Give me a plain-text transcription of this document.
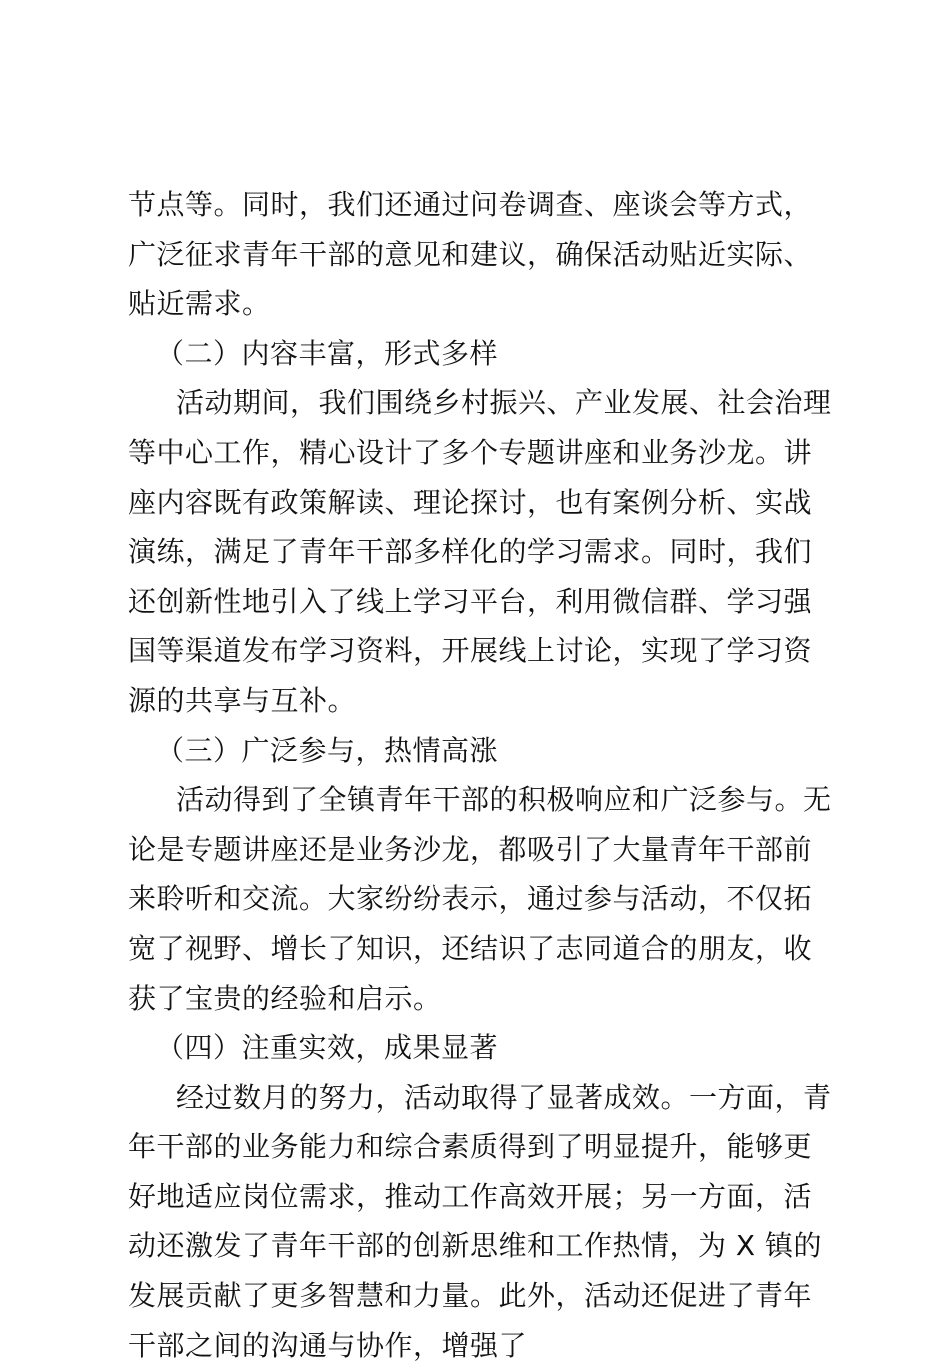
节点等。同时，我们还通过问卷调查、座谈会等方式，广泛征求青年干部的意见和建议，确保活动贴近实际、贴近需求。

（二）内容丰富，形式多样

活动期间，我们围绕乡村振兴、产业发展、社会治理等中心工作，精心设计了多个专题讲座和业务沙龙。讲座内容既有政策解读、理论探讨，也有案例分析、实战演练，满足了青年干部多样化的学习需求。同时，我们还创新性地引入了线上学习平台，利用微信群、学习强国等渠道发布学习资料，开展线上讨论，实现了学习资源的共享与互补。

（三）广泛参与，热情高涨

活动得到了全镇青年干部的积极响应和广泛参与。无论是专题讲座还是业务沙龙，都吸引了大量青年干部前来聆听和交流。大家纷纷表示，通过参与活动，不仅拓宽了视野、增长了知识，还结识了志同道合的朋友，收获了宝贵的经验和启示。

（四）注重实效，成果显著

经过数月的努力，活动取得了显著成效。一方面，青年干部的业务能力和综合素质得到了明显提升，能够更好地适应岗位需求，推动工作高效开展；另一方面，活动还激发了青年干部的创新思维和工作热情，为 X 镇的发展贡献了更多智慧和力量。此外，活动还促进了青年干部之间的沟通与协作，增强了
